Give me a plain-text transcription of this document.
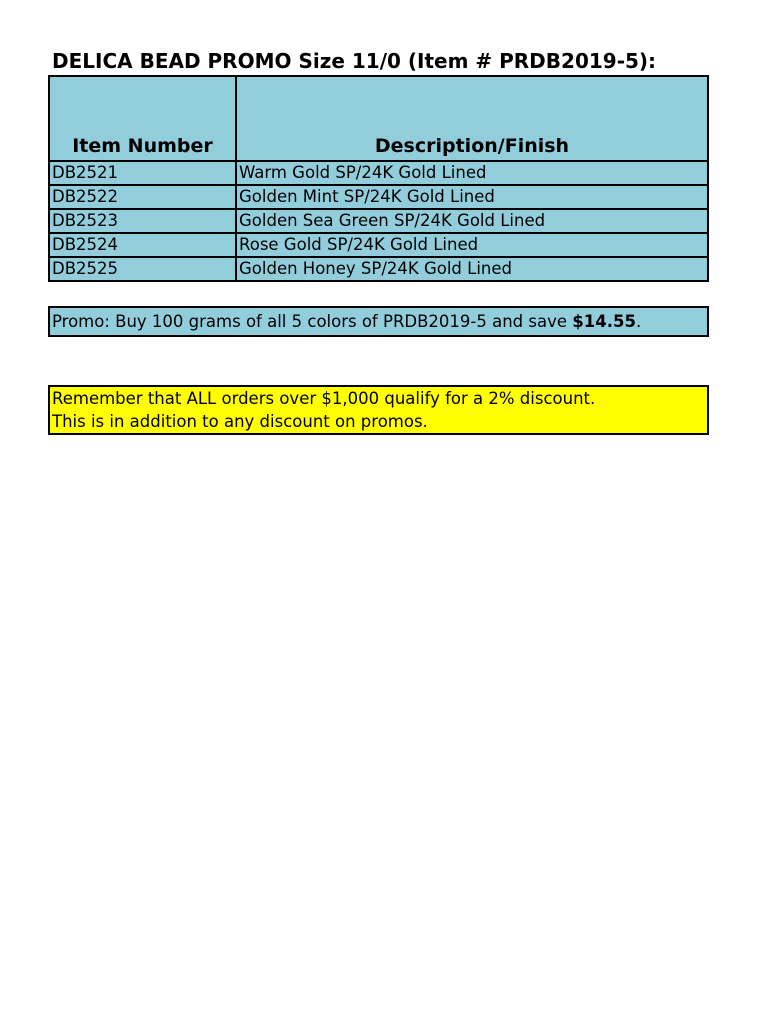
DELICA BEAD PROMO Size 11/0 (Item # PRDB2019-5):
Item Number	Description/Finish
DB2521	Warm Gold SP/24K Gold Lined
DB2522	Golden Mint SP/24K Gold Lined
DB2523	Golden Sea Green SP/24K Gold Lined
DB2524	Rose Gold SP/24K Gold Lined
DB2525	Golden Honey SP/24K Gold Lined
Promo: Buy 100 grams of all 5 colors of PRDB2019-5 and save $14.55.
Remember that ALL orders over $1,000 qualify for a 2% discount.
This is in addition to any discount on promos.
